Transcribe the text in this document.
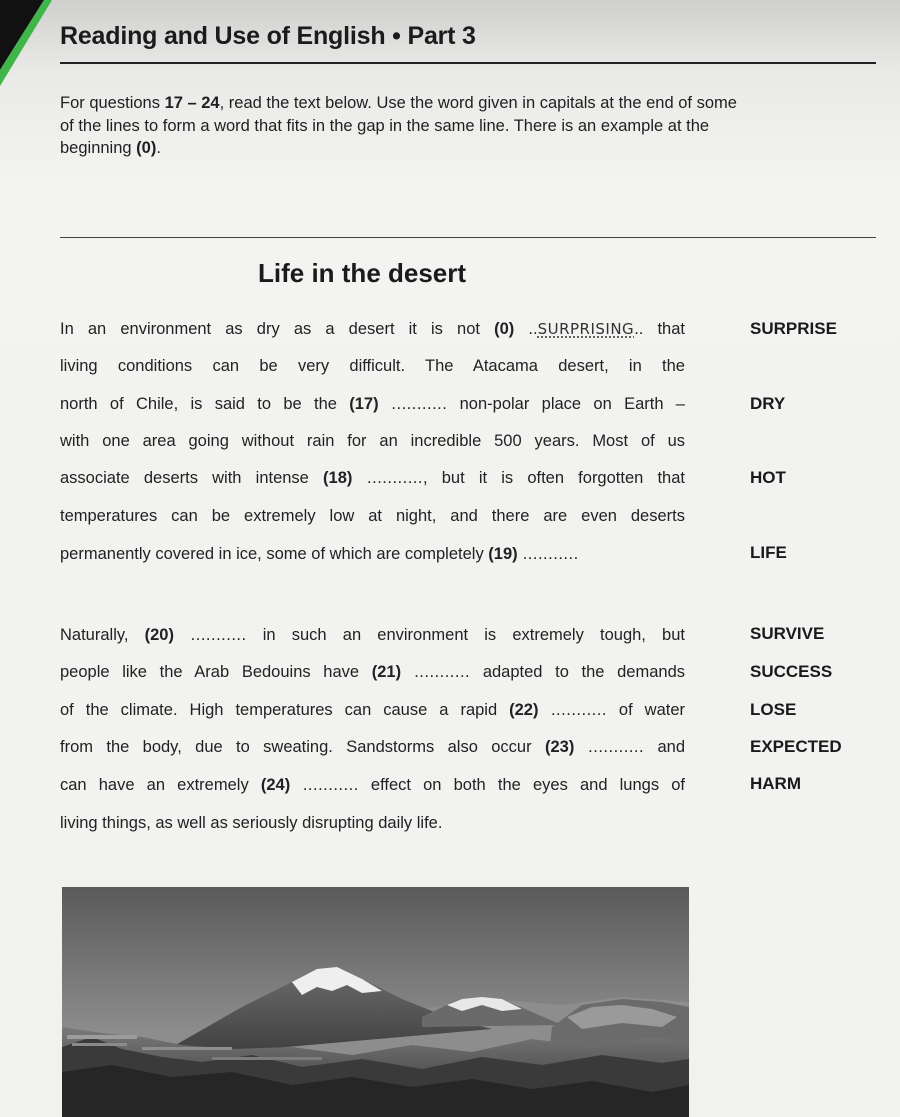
Reading and Use of English • Part 3
For questions 17 – 24, read the text below. Use the word given in capitals at the end of some
of the lines to form a word that fits in the gap in the same line. There is an example at the
beginning (0).
Life in the desert
In an environment as dry as a desert it is not (0) ..SURPRISING.. that
living conditions can be very difficult. The Atacama desert, in the
north of Chile, is said to be the (17) ........... non-polar place on Earth –
with one area going without rain for an incredible 500 years. Most of us
associate deserts with intense (18) ..........., but it is often forgotten that
temperatures can be extremely low at night, and there are even deserts
permanently covered in ice, some of which are completely (19) ...........
Naturally, (20) ........... in such an environment is extremely tough, but
people like the Arab Bedouins have (21) ........... adapted to the demands
of the climate. High temperatures can cause a rapid (22) ........... of water
from the body, due to sweating. Sandstorms also occur (23) ........... and
can have an extremely (24) ........... effect on both the eyes and lungs of
living things, as well as seriously disrupting daily life.
SURPRISE
DRY
HOT
LIFE
SURVIVE
SUCCESS
LOSE
EXPECTED
HARM
